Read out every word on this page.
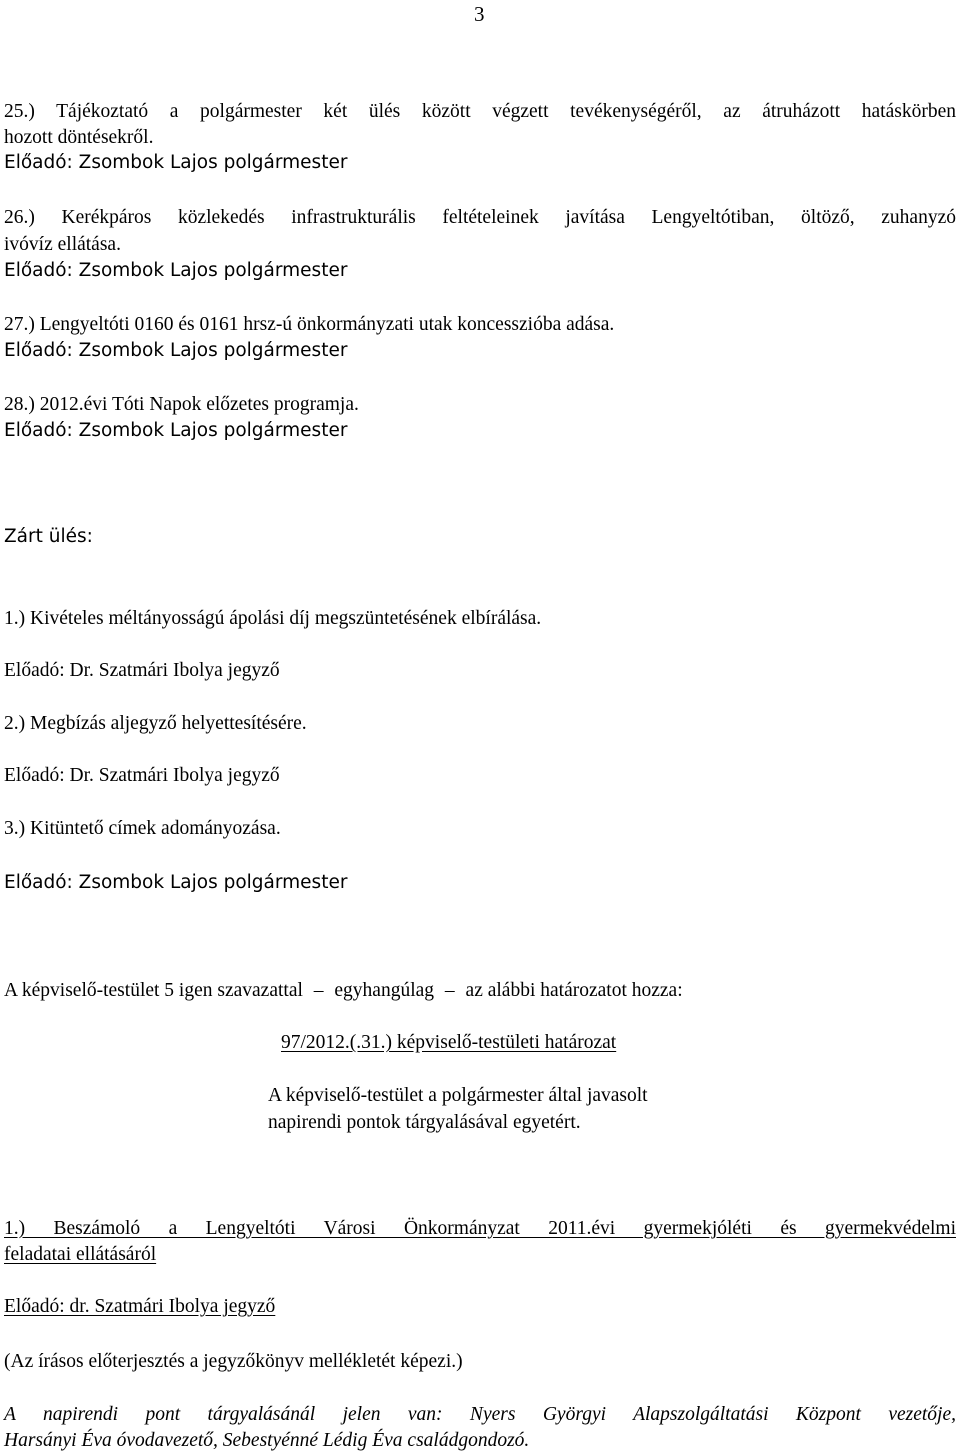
3
25.) Tájékoztató a polgármester két ülés között végzett tevékenységéről, az átruházott hatáskörben
hozott döntésekről.
Előadó: Zsombok Lajos polgármester
26.) Kerékpáros közlekedés infrastrukturális feltételeinek javítása Lengyeltótiban, öltöző, zuhanyzó
ivóvíz ellátása.
Előadó: Zsombok Lajos polgármester
27.) Lengyeltóti 0160 és 0161 hrsz-ú önkormányzati utak koncesszióba adása.
Előadó: Zsombok Lajos polgármester
28.) 2012.évi Tóti Napok előzetes programja.
Előadó: Zsombok Lajos polgármester
Zárt ülés:
1.) Kivételes méltányosságú ápolási díj megszüntetésének elbírálása.
Előadó: Dr. Szatmári Ibolya jegyző
2.) Megbízás aljegyző helyettesítésére.
Előadó: Dr. Szatmári Ibolya jegyző
3.) Kitüntető címek adományozása.
Előadó: Zsombok Lajos polgármester
A képviselő-testület 5 igen szavazattal – egyhangúlag – az alábbi határozatot hozza:
97/2012.(.31.) képviselő-testületi határozat
A képviselő-testület a polgármester által javasolt
napirendi pontok tárgyalásával egyetért.
1.) Beszámoló a Lengyeltóti Városi Önkormányzat 2011.évi gyermekjóléti és gyermekvédelmi
feladatai ellátásáról
Előadó: dr. Szatmári Ibolya jegyző
(Az írásos előterjesztés a jegyzőkönyv mellékletét képezi.)
A napirendi pont tárgyalásánál jelen van: Nyers Györgyi Alapszolgáltatási Központ vezetője,
Harsányi Éva óvodavezető, Sebestyénné Lédig Éva családgondozó.
